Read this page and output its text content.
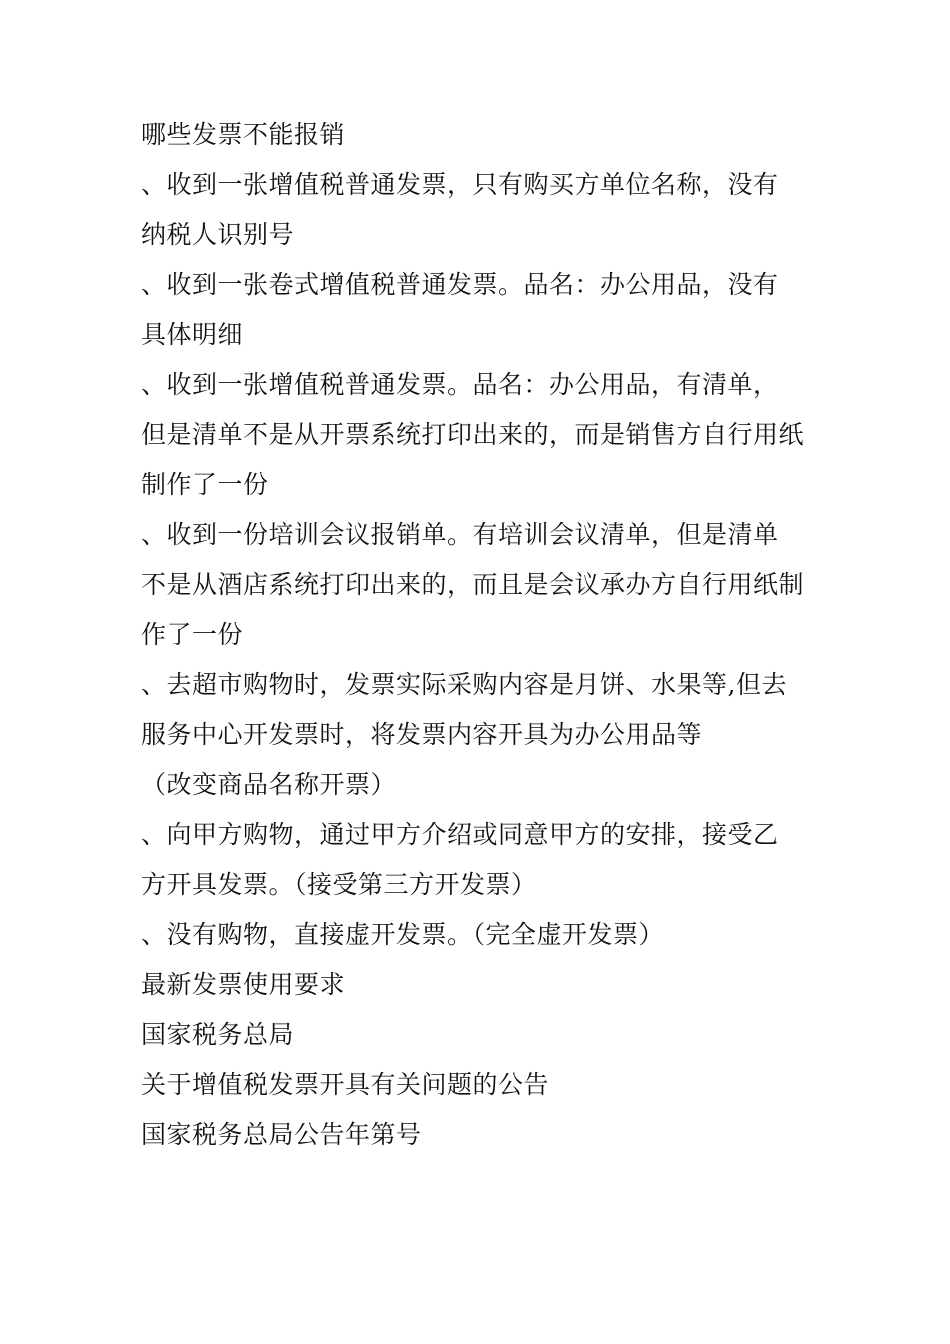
哪些发票不能报销
、收到一张增值税普通发票，只有购买方单位名称，没有
纳税人识别号
、收到一张卷式增值税普通发票。品名：办公用品，没有
具体明细
、收到一张增值税普通发票。品名：办公用品，有清单，
但是清单不是从开票系统打印出来的，而是销售方自行用纸
制作了一份
、收到一份培训会议报销单。有培训会议清单，但是清单
不是从酒店系统打印出来的，而且是会议承办方自行用纸制
作了一份
、去超市购物时，发票实际采购内容是月饼、水果等,但去
服务中心开发票时，将发票内容开具为办公用品等
（改变商品名称开票）
、向甲方购物，通过甲方介绍或同意甲方的安排，接受乙
方开具发票。（接受第三方开发票）
、没有购物，直接虚开发票。（完全虚开发票）
最新发票使用要求
国家税务总局
关于增值税发票开具有关问题的公告
国家税务总局公告年第号
